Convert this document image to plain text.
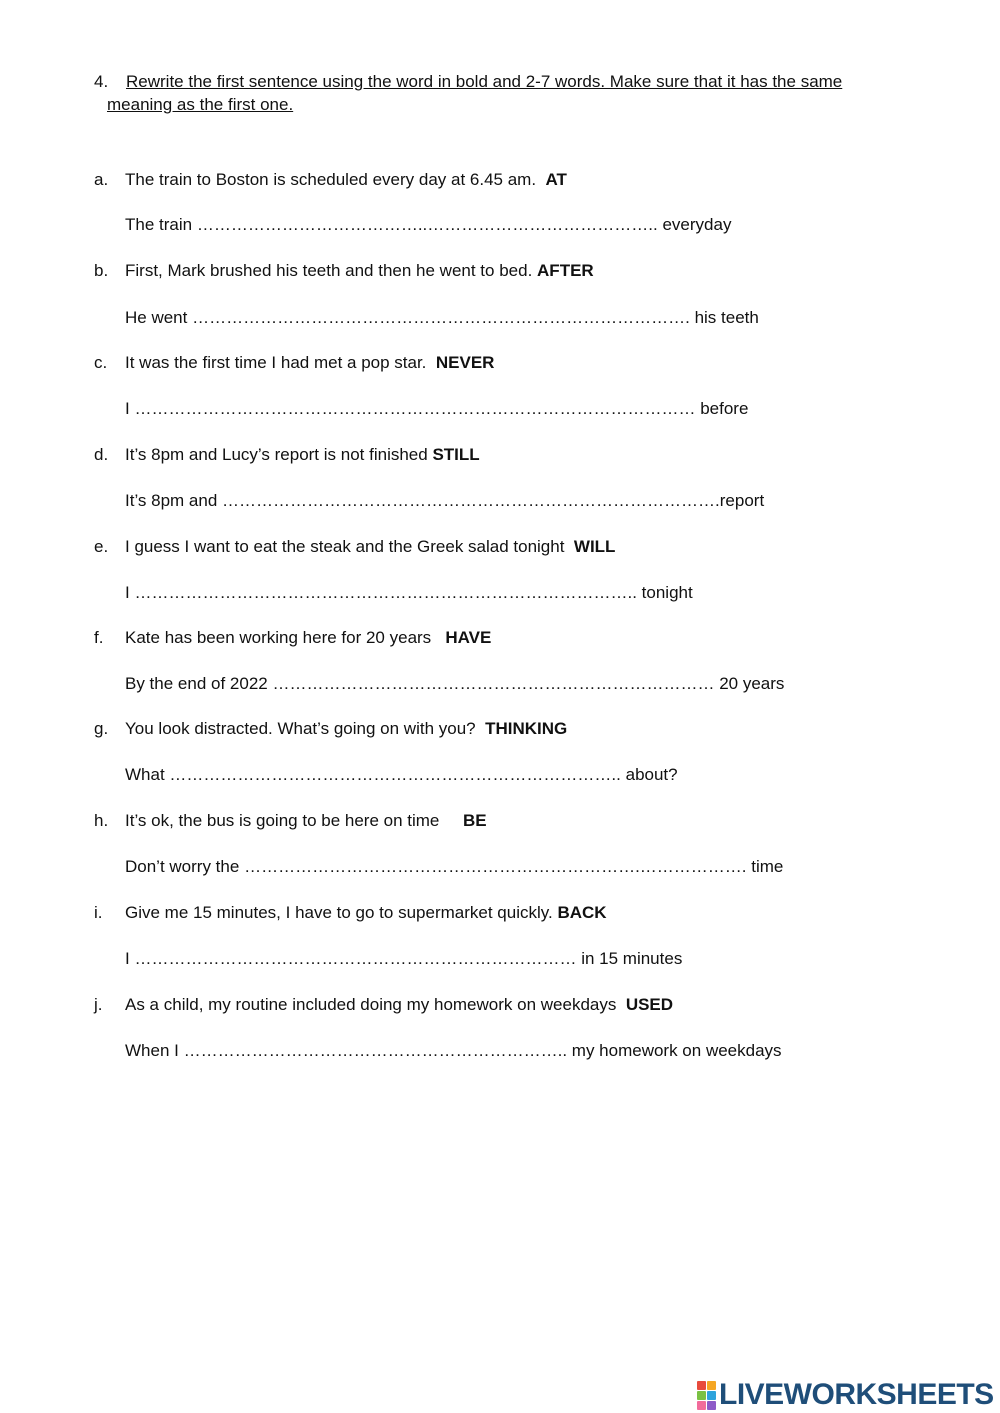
4.	Rewrite the first sentence using the word in bold and 2-7 words. Make sure that it has the same meaning as the first one.
a. The train to Boston is scheduled every day at 6.45 am. AT
The train …………………………………..………………………………….. everyday
b. First, Mark brushed his teeth and then he went to bed. AFTER
He went ……………………………………………………………………………. his teeth
c. It was the first time I had met a pop star. NEVER
I ……………………………………………………………………………………… before
d. It’s 8pm and Lucy’s report is not finished STILL
It’s 8pm and …………………………………………………………………………….report
e. I guess I want to eat the steak and the Greek salad tonight WILL
I …………………………………………………………………………….. tonight
f. Kate has been working here for 20 years HAVE
By the end of 2022 …………………………………………………………………… 20 years
g. You look distracted. What’s going on with you? THINKING
What …………………………………………………………………….. about?
h. It’s ok, the bus is going to be here on time BE
Don’t worry the …………………………………………………………….………………. time
i. Give me 15 minutes, I have to go to supermarket quickly. BACK
I …………………………………………………………………… in 15 minutes
j. As a child, my routine included doing my homework on weekdays USED
When I ………………………………………………………….. my homework on weekdays
LIVEWORKSHEETS
